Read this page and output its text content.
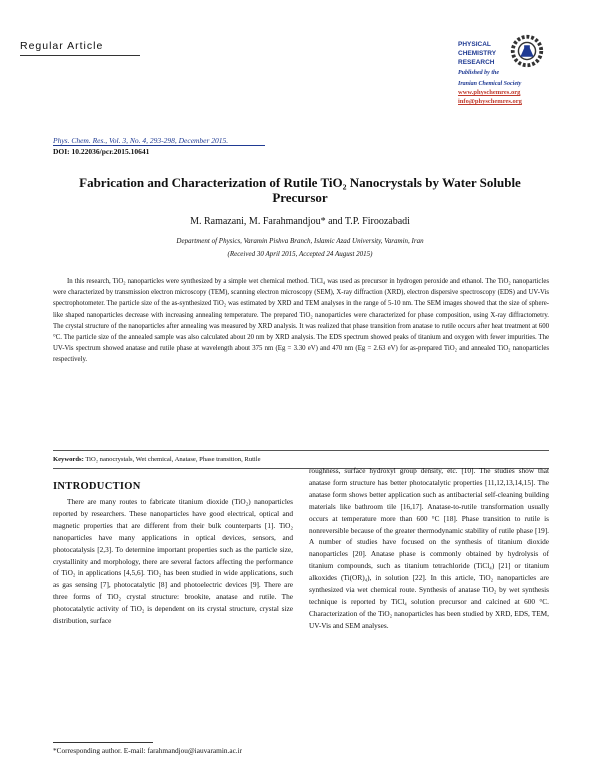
Regular Article	PHYSICAL
CHEMISTRY
RESEARCH
Published by the
Iranian Chemical Society
www.physchemres.org
info@physchemres.org
Phys. Chem. Res., Vol. 3, No. 4, 293-298, December 2015.
DOI: 10.22036/pcr.2015.10641
Fabrication and Characterization of Rutile TiO₂ Nanocrystals by Water Soluble
Precursor
M. Ramazani, M. Farahmandjou* and T.P. Firoozabadi
Department of Physics, Varamin Pishva Branch, Islamic Azad University, Varamin, Iran
(Received 30 April 2015, Accepted 24 August 2015)
In this research, TiO₂ nanoparticles were synthesized by a simple wet chemical method. TiCl₄ was used as precursor in hydrogen peroxide and ethanol. The TiO₂ nanoparticles were characterized by transmission electron microscopy (TEM), scanning electron microscopy (SEM), X-ray diffraction (XRD), electron dispersive spectroscopy (EDS) and UV-Vis spectrophotometer. The particle size of the as-synthesized TiO₂ was estimated by XRD and TEM analyses in the range of 5-10 nm. The SEM images showed that the size of sphere-like shaped nanoparticles decrease with increasing annealing temperature. The prepared TiO₂ nanoparticles were characterized for phase composition, using X-ray diffractometry. The crystal structure of the nanoparticles after annealing was measured by XRD analysis. It was realized that phase transition from anatase to rutile occurs after heat treatment at 600 °C. The particle size of the annealed sample was also calculated about 20 nm by XRD analysis. The EDS spectrum showed peaks of titanium and oxygen with fewer impurities. The UV-Vis spectrum showed anatase and rutile phase at wavelength about 375 nm (Eg = 3.30 eV) and 470 nm (Eg = 2.63 eV) for as-prepared TiO₂ and annealed TiO₂ nanoparticles respectively.
Keywords: TiO₂ nanocrystals, Wet chemical, Anatase, Phase transition, Rutile
INTRODUCTION
There are many routes to fabricate titanium dioxide (TiO₂) nanoparticles reported by researchers. These nanoparticles have good electrical, optical and magnetic properties that are different from their bulk counterparts [1]. TiO₂ nanoparticles have many applications in optical devices, sensors, and photocatalysis [2,3]. To determine important properties such as the particle size, crystallinity and morphology, there are several factors affecting the performance of TiO₂ in applications [4,5,6]. TiO₂ has been studied in wide applications, such as gas sensing [7], photocatalytic [8] and photoelectric devices [9]. There are three forms of TiO₂ crystal structure: brookite, anatase and rutile. The photocatalytic activity of TiO₂ is dependent on its crystal structure, crystal size distribution, surface
roughness, surface hydroxyl group density, etc. [10]. The studies show that anatase form structure has better photocatalytic properties [11,12,13,14,15]. The anatase form shows better application such as antibacterial self-cleaning building materials like bathroom tile [16,17]. Anatase-to-rutile transformation usually occurs at temperature more than 600 °C [18]. Phase transition to rutile is nonreversible because of the greater thermodynamic stability of rutile phase [19]. A number of studies have focused on the synthesis of titanium dioxide nanoparticles [20]. Anatase phase is commonly obtained by hydrolysis of titanium compounds, such as titanium tetrachloride (TiCl₄) [21] or titanium alkoxides (Ti(OR)₄), in solution [22]. In this article, TiO₂ nanoparticles are synthesized via wet chemical route. Synthesis of anatase TiO₂ by wet synthesis technique is reported by TiCl₄ solution precursor and calcined at 600 °C. Characterization of the TiO₂ nanoparticles has been studied by XRD, EDS, TEM, UV-Vis and SEM analyses.
*Corresponding author. E-mail: farahmandjou@iauvaramin.ac.ir
